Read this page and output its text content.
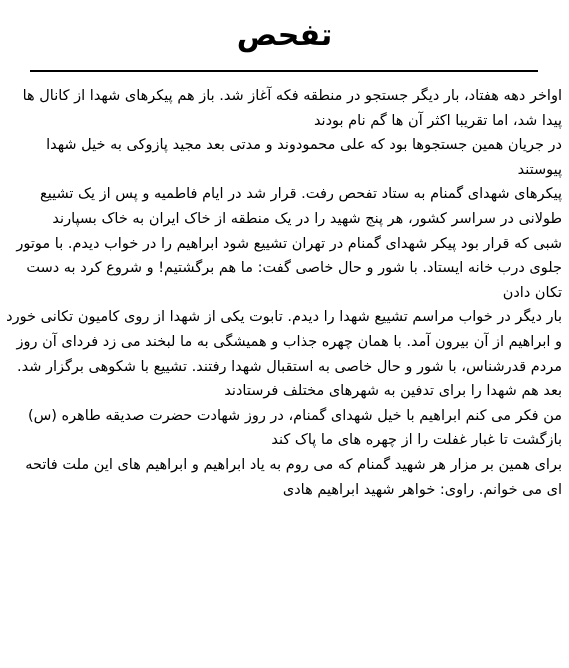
تفحص

اواخر دهه هفتاد، بار دیگر جستجو در منطقه فکه آغاز شد. باز هم پیکرهای شهدا از کانال ها پیدا شد، اما تقریبا اکثر آن ها گم نام بودند

در جریان همین جستجوها بود که علی محمودوند و مدتی بعد مجید پازوکی به خیل شهدا پیوستند

پیکرهای شهدای گمنام به ستاد تفحص رفت. قرار شد در ایام فاطمیه و پس از یک تشییع طولانی در سراسر کشور، هر پنج شهید را در یک منطقه از خاک ایران به خاک بسپارند

شبی که قرار بود پیکر شهدای گمنام در تهران تشییع شود ابراهیم را در خواب دیدم. با موتور جلوی درب خانه ایستاد. با شور و حال خاصی گفت: ما هم برگشتیم! و شروع کرد به دست تکان دادن

بار دیگر در خواب مراسم تشییع شهدا را دیدم. تابوت یکی از شهدا از روی کامیون تکانی خورد و ابراهیم از آن بیرون آمد. با همان چهره جذاب و همیشگی به ما لبخند می زد فردای آن روز مردم قدرشناس، با شور و حال خاصی به استقبال شهدا رفتند. تشییع با شکوهی برگزار شد. بعد هم شهدا را برای تدفین به شهرهای مختلف فرستادند

من فکر می کنم ابراهیم با خیل شهدای گمنام، در روز شهادت حضرت صدیقه طاهره (س) بازگشت تا غبار غفلت را از چهره های ما پاک کند

برای همین بر مزار هر شهید گمنام که می روم به یاد ابراهیم و ابراهیم های این ملت فاتحه ای می خوانم. راوی: خواهر شهید ابراهیم هادی
